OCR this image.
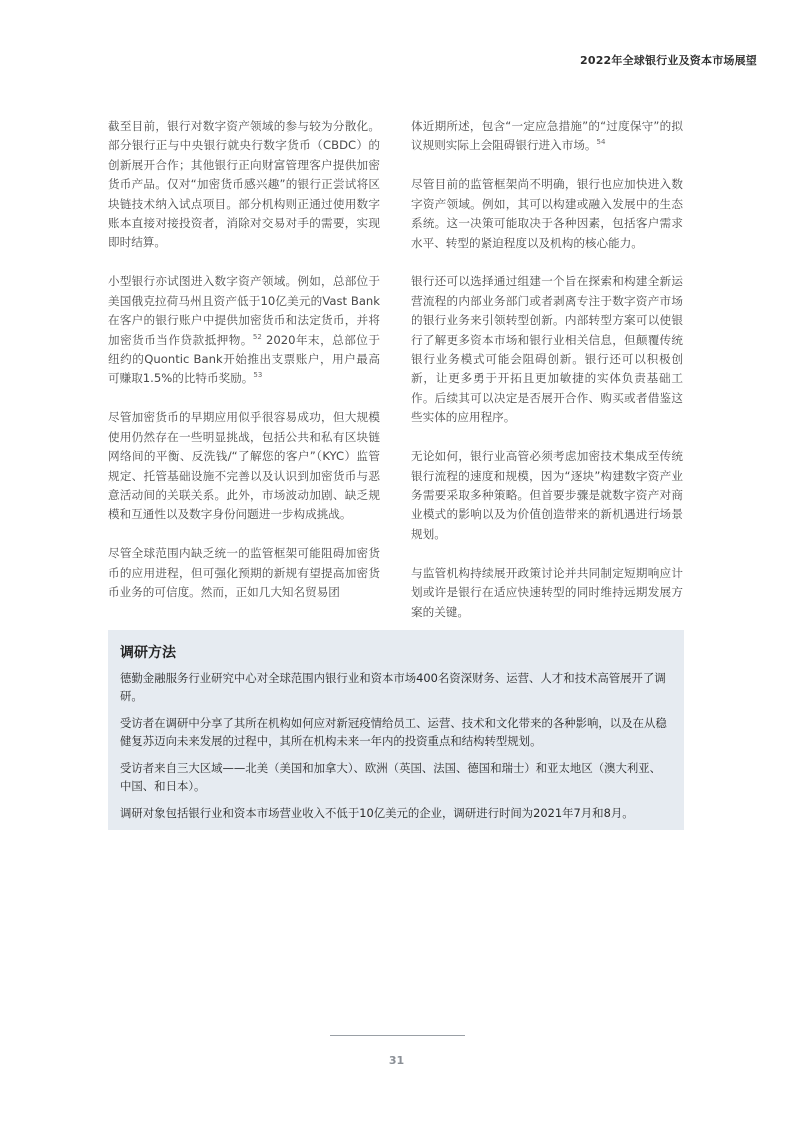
2022年全球银行业及资本市场展望

截至目前，银行对数字资产领域的参与较为分散化。部分银行正与中央银行就央行数字货币（CBDC）的创新展开合作；其他银行正向财富管理客户提供加密货币产品。仅对“加密货币感兴趣”的银行正尝试将区块链技术纳入试点项目。部分机构则正通过使用数字账本直接对接投资者，消除对交易对手的需要，实现即时结算。

小型银行亦试图进入数字资产领域。例如，总部位于美国俄克拉荷马州且资产低于10亿美元的Vast Bank在客户的银行账户中提供加密货币和法定货币，并将加密货币当作贷款抵押物。$^{52}$ 2020年末，总部位于纽约的Quontic Bank开始推出支票账户，用户最高可赚取1.5%的比特币奖励。$^{53}$

尽管加密货币的早期应用似乎很容易成功，但大规模使用仍然存在一些明显挑战，包括公共和私有区块链网络间的平衡、反洗钱/“了解您的客户”（KYC）监管规定、托管基础设施不完善以及认识到加密货币与恶意活动间的关联关系。此外，市场波动加剧、缺乏规模和互通性以及数字身份问题进一步构成挑战。

尽管全球范围内缺乏统一的监管框架可能阻碍加密货币的应用进程，但可强化预期的新规有望提高加密货币业务的可信度。然而，正如几大知名贸易团

体近期所述，包含“一定应急措施”的“过度保守”的拟议规则实际上会阻碍银行进入市场。$^{54}$

尽管目前的监管框架尚不明确，银行也应加快进入数字资产领域。例如，其可以构建或融入发展中的生态系统。这一决策可能取决于各种因素，包括客户需求水平、转型的紧迫程度以及机构的核心能力。

银行还可以选择通过组建一个旨在探索和构建全新运营流程的内部业务部门或者剥离专注于数字资产市场的银行业务来引领转型创新。内部转型方案可以使银行了解更多资本市场和银行业相关信息，但颠覆传统银行业务模式可能会阻碍创新。银行还可以积极创新，让更多勇于开拓且更加敏捷的实体负责基础工作。后续其可以决定是否展开合作、购买或者借鉴这些实体的应用程序。

无论如何，银行业高管必须考虑加密技术集成至传统银行流程的速度和规模，因为“逐块”构建数字资产业务需要采取多种策略。但首要步骤是就数字资产对商业模式的影响以及为价值创造带来的新机遇进行场景规划。

与监管机构持续展开政策讨论并共同制定短期响应计划或许是银行在适应快速转型的同时维持远期发展方案的关键。

调研方法

德勤金融服务行业研究中心对全球范围内银行业和资本市场400名资深财务、运营、人才和技术高管展开了调研。

受访者在调研中分享了其所在机构如何应对新冠疫情给员工、运营、技术和文化带来的各种影响，以及在从稳健复苏迈向未来发展的过程中，其所在机构未来一年内的投资重点和结构转型规划。

受访者来自三大区域——北美（美国和加拿大）、欧洲（英国、法国、德国和瑞士）和亚太地区（澳大利亚、中国、和日本）。

调研对象包括银行业和资本市场营业收入不低于10亿美元的企业，调研进行时间为2021年7月和8月。

31
